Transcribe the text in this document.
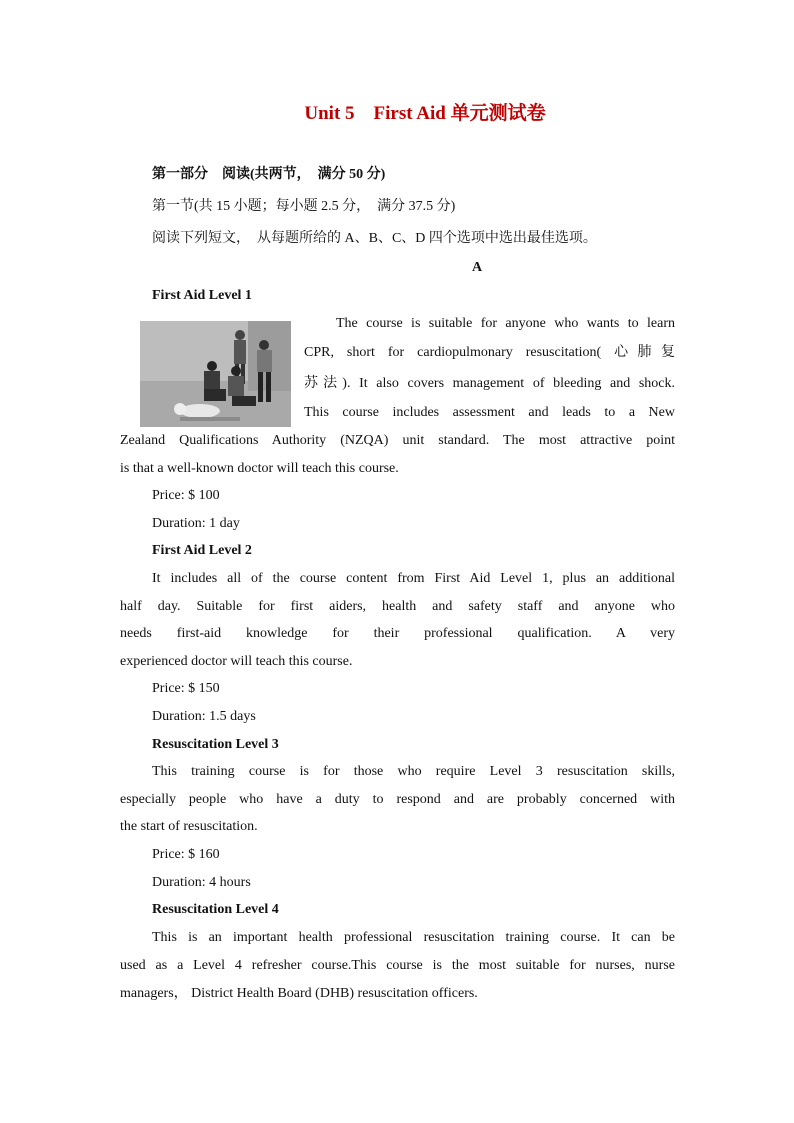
Unit 5　First Aid 单元测试卷
第一部分　阅读(共两节，　满分 50 分)
第一节(共 15 小题；每小题 2.5 分，　满分 37.5 分)
阅读下列短文，　从每题所给的 A、B、C、D 四个选项中选出最佳选项。
A
First Aid Level 1
The course is suitable for anyone who wants to learn
CPR, short for cardiopulmonary resuscitation( 心肺复
苏法). It also covers management of bleeding and shock.
This course includes assessment and leads to a New
Zealand Qualifications Authority (NZQA) unit standard. The most attractive point
is that a well-known doctor will teach this course.
Price: $ 100
Duration: 1 day
First Aid Level 2
It includes all of the course content from First Aid Level 1, plus an additional
half day. Suitable for first aiders, health and safety staff and anyone who
needs first-aid knowledge for their professional qualification. A very
experienced doctor will teach this course.
Price: $ 150
Duration: 1.5 days
Resuscitation Level 3
This training course is for those who require Level 3 resuscitation skills,
especially people who have a duty to respond and are probably concerned with
the start of resuscitation.
Price: $ 160
Duration: 4 hours
Resuscitation Level 4
This is an important health professional resuscitation training course. It can be
used as a Level 4 refresher course.This course is the most suitable for nurses, nurse
managers， District Health Board (DHB) resuscitation officers.
